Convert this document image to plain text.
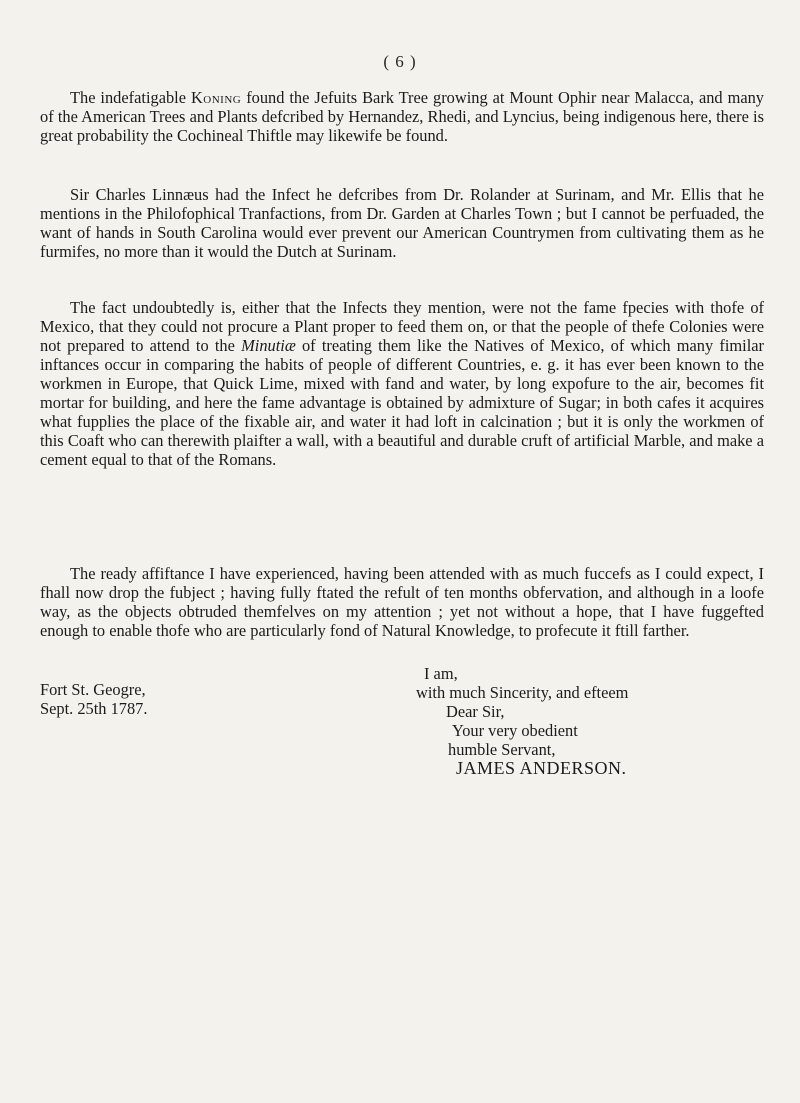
( 6 )

The indefatigable Koning found the Jefuits Bark Tree growing at Mount Ophir near Malacca, and many of the American Trees and Plants defcribed by Hernandez, Rhedi, and Lyncius, being indigenous here, there is great probability the Cochineal Thiftle may likewife be found.

Sir Charles Linnæus had the Infect he defcribes from Dr. Rolander at Surinam, and Mr. Ellis that he mentions in the Philofophical Tranfactions, from Dr. Garden at Charles Town ; but I cannot be perfuaded, the want of hands in South Carolina would ever prevent our American Countrymen from cultivating them as he furmifes, no more than it would the Dutch at Surinam.

The fact undoubtedly is, either that the Infects they mention, were not the fame fpecies with thofe of Mexico, that they could not procure a Plant proper to feed them on, or that the people of thefe Colonies were not prepared to attend to the Minutiæ of treating them like the Natives of Mexico, of which many fimilar inftances occur in comparing the habits of people of different Countries, e. g. it has ever been known to the workmen in Europe, that Quick Lime, mixed with fand and water, by long expofure to the air, becomes fit mortar for building, and here the fame advantage is obtained by admixture of Sugar; in both cafes it acquires what fupplies the place of the fixable air, and water it had loft in calcination ; but it is only the workmen of this Coaft who can therewith plaifter a wall, with a beautiful and durable cruft of artificial Marble, and make a cement equal to that of the Romans.

The ready affiftance I have experienced, having been attended with as much fuccefs as I could expect, I fhall now drop the fubject ; having fully ftated the refult of ten months obfervation, and although in a loofe way, as the objects obtruded themfelves on my attention ; yet not without a hope, that I have fuggefted enough to enable thofe who are particularly fond of Natural Knowledge, to profecute it ftill farther.

Fort St. Geogre,
Sept. 25th 1787.
I am,
with much Sincerity, and efteem
Dear Sir,
Your very obedient
humble Servant,
JAMES ANDERSON.
